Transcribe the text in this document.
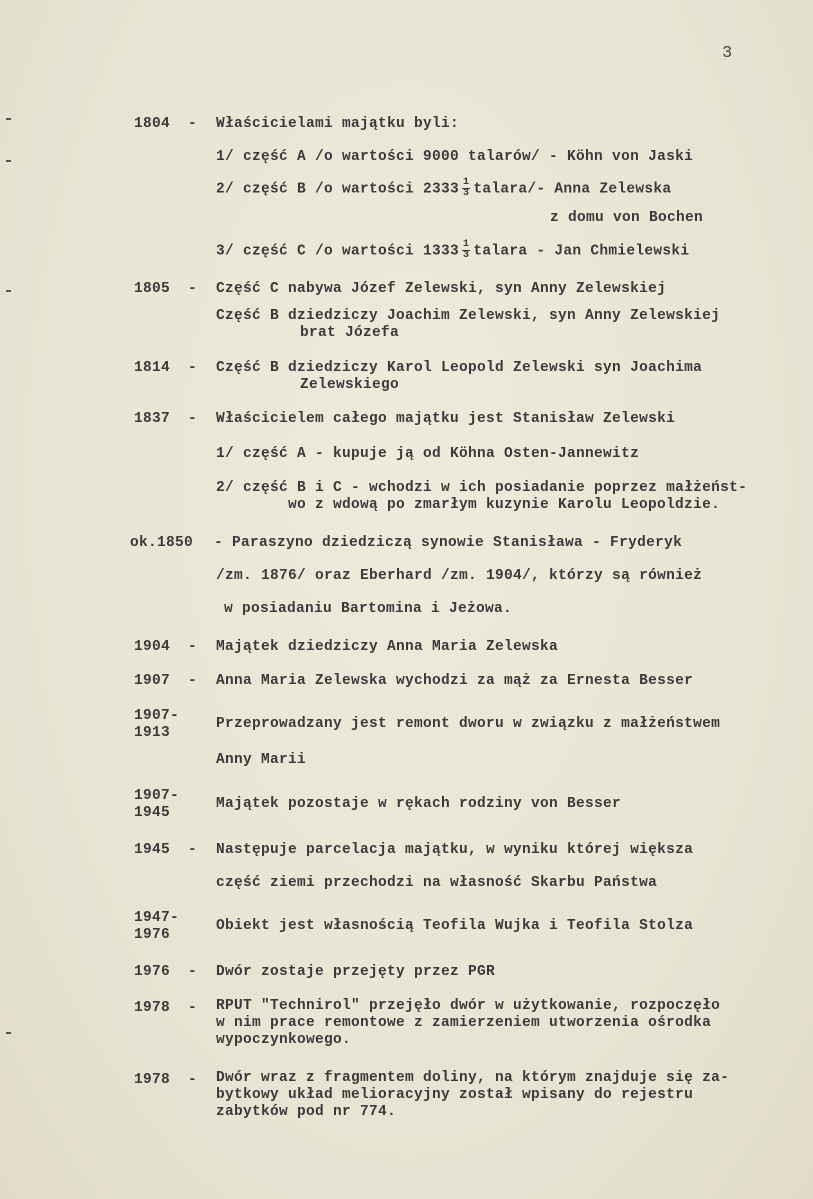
3
1804 - Właścicielami majątku byli:
1/ część A /o wartości 9000 talarów/ - Köhn von Jaski
2/ część B /o wartości $2333 \frac{1}{3}$ talara/- Anna Zelewska
z domu von Bochen
3/ część C /o wartości $1333 \frac{1}{3}$ talara - Jan Chmielewski
1805 - Część C nabywa Józef Zelewski, syn Anny Zelewskiej
Część B dziedziczy Joachim Zelewski, syn Anny Zelewskiej
brat Józefa
1814 - Część B dziedziczy Karol Leopold Zelewski syn Joachima
Zelewskiego
1837 - Właścicielem całego majątku jest Stanisław Zelewski
1/ część A - kupuje ją od Köhna Osten-Jannewitz
2/ część B i C - wchodzi w ich posiadanie poprzez małżeńst-
wo z wdową po zmarłym kuzynie Karolu Leopoldzie.
ok.1850 - Paraszyno dziedziczą synowie Stanisława - Fryderyk
/zm. 1876/ oraz Eberhard /zm. 1904/, którzy są również
w posiadaniu Bartomina i Jeżowa.
1904 - Majątek dziedziczy Anna Maria Zelewska
1907 - Anna Maria Zelewska wychodzi za mąż za Ernesta Besser
1907-
1913
Przeprowadzany jest remont dworu w związku z małżeństwem
Anny Marii
1907-
1945
Majątek pozostaje w rękach rodziny von Besser
1945 - Następuje parcelacja majątku, w wyniku której większa
część ziemi przechodzi na własność Skarbu Państwa
1947-
1976
Obiekt jest własnością Teofila Wujka i Teofila Stolza
1976 - Dwór zostaje przejęty przez PGR
1978 - RPUT "Technirol" przejęło dwór w użytkowanie, rozpoczęło
w nim prace remontowe z zamierzeniem utworzenia ośrodka
wypoczynkowego.
1978 - Dwór wraz z fragmentem doliny, na którym znajduje się za-
bytkowy układ melioracyjny został wpisany do rejestru
zabytków pod nr 774.
